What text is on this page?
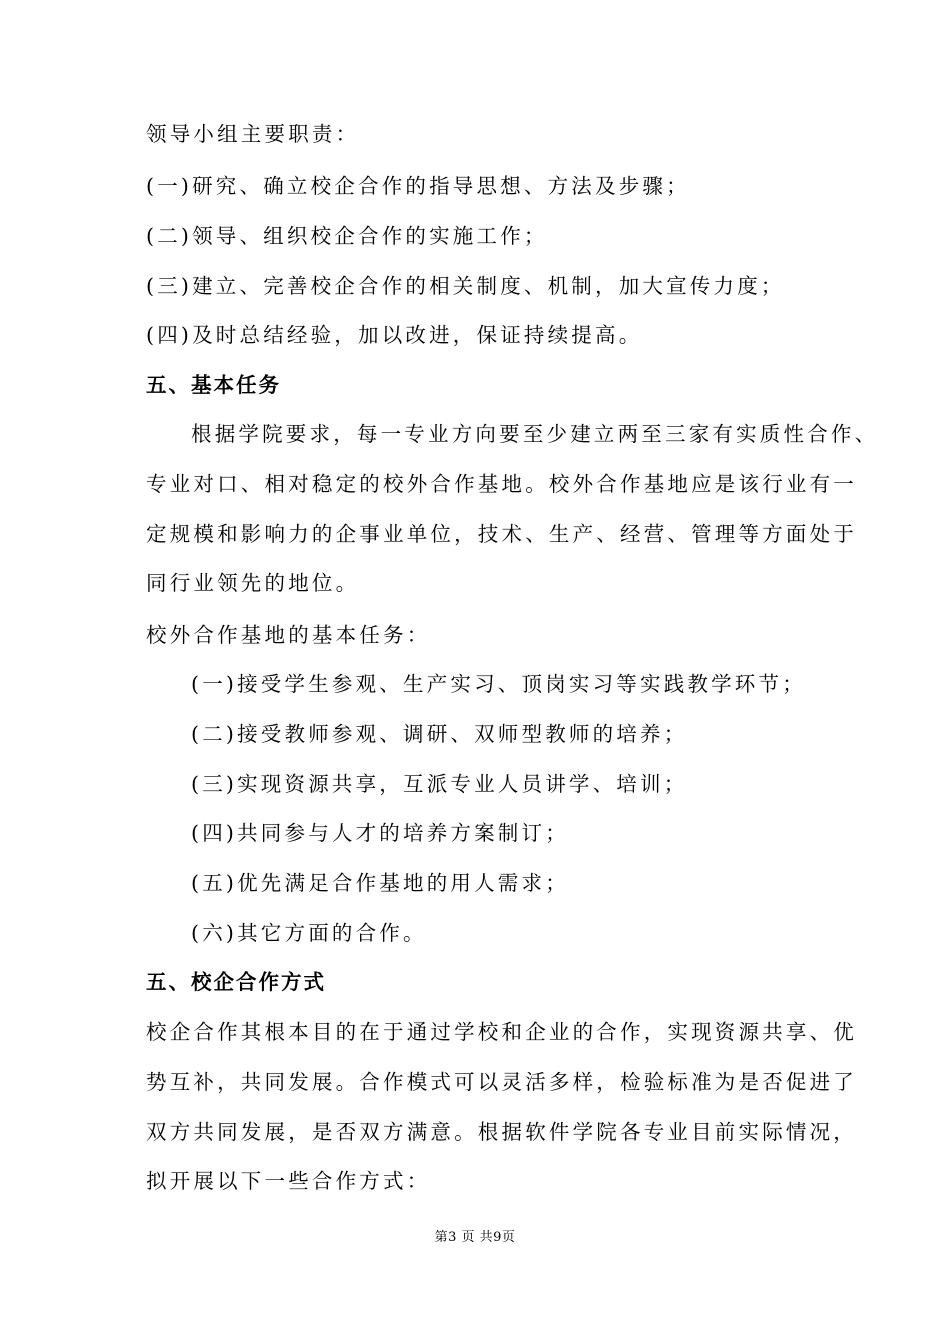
领导小组主要职责：
(一)研究、确立校企合作的指导思想、方法及步骤；
(二)领导、组织校企合作的实施工作；
(三)建立、完善校企合作的相关制度、机制，加大宣传力度；
(四)及时总结经验，加以改进，保证持续提高。
五、基本任务
根据学院要求，每一专业方向要至少建立两至三家有实质性合作、
专业对口、相对稳定的校外合作基地。校外合作基地应是该行业有一
定规模和影响力的企事业单位，技术、生产、经营、管理等方面处于
同行业领先的地位。
校外合作基地的基本任务：
(一)接受学生参观、生产实习、顶岗实习等实践教学环节；
(二)接受教师参观、调研、双师型教师的培养；
(三)实现资源共享，互派专业人员讲学、培训；
(四)共同参与人才的培养方案制订；
(五)优先满足合作基地的用人需求；
(六)其它方面的合作。
五、校企合作方式
校企合作其根本目的在于通过学校和企业的合作，实现资源共享、优
势互补，共同发展。合作模式可以灵活多样，检验标准为是否促进了
双方共同发展，是否双方满意。根据软件学院各专业目前实际情况，
拟开展以下一些合作方式：
第3 页 共9页
